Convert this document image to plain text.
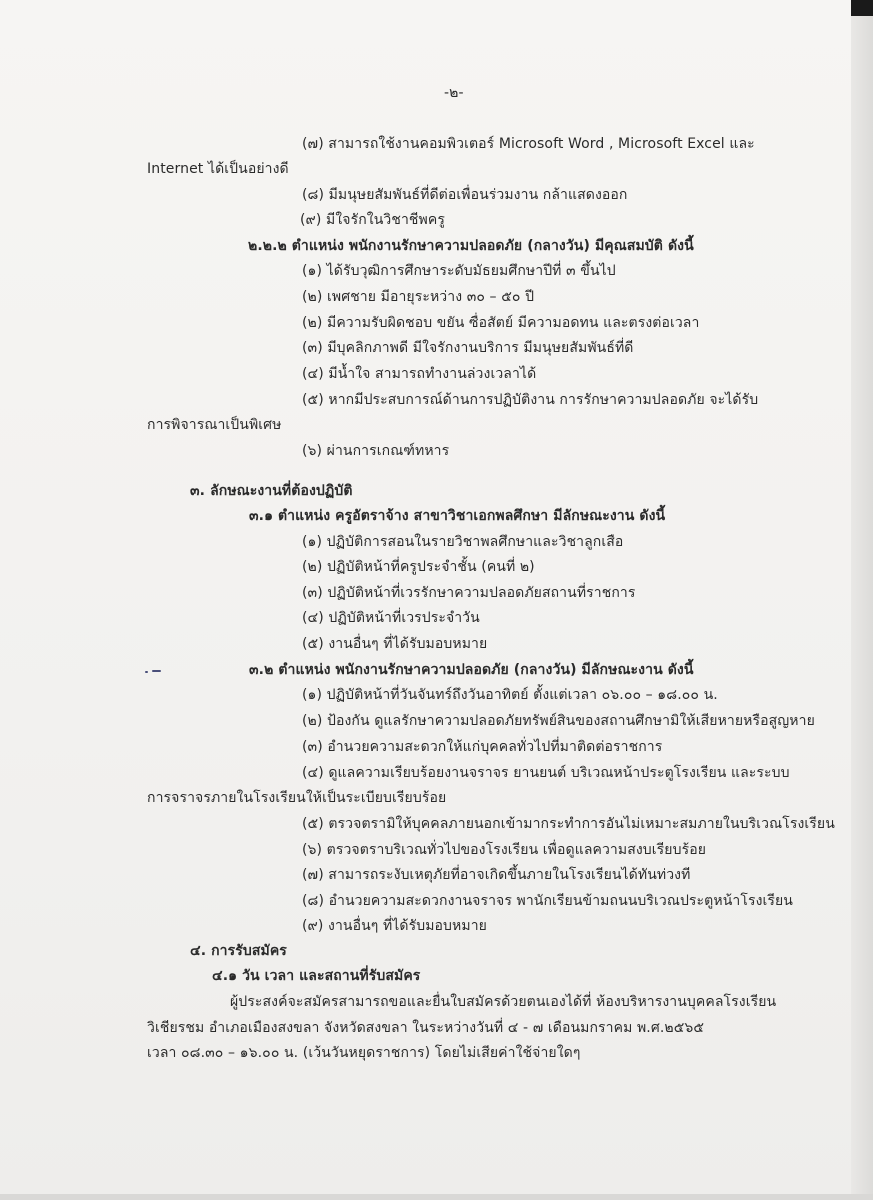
-๒-
(๗) สามารถใช้งานคอมพิวเตอร์ Microsoft Word , Microsoft Excel และ
Internet ได้เป็นอย่างดี
(๘) มีมนุษยสัมพันธ์ที่ดีต่อเพื่อนร่วมงาน กล้าแสดงออก
(๙) มีใจรักในวิชาชีพครู
๒.๒.๒ ตำแหน่ง พนักงานรักษาความปลอดภัย (กลางวัน) มีคุณสมบัติ ดังนี้
(๑) ได้รับวุฒิการศึกษาระดับมัธยมศึกษาปีที่ ๓ ขึ้นไป
(๒) เพศชาย มีอายุระหว่าง ๓๐ – ๕๐ ปี
(๒) มีความรับผิดชอบ ขยัน ซื่อสัตย์ มีความอดทน และตรงต่อเวลา
(๓) มีบุคลิกภาพดี มีใจรักงานบริการ มีมนุษยสัมพันธ์ที่ดี
(๔) มีน้ำใจ สามารถทำงานล่วงเวลาได้
(๕) หากมีประสบการณ์ด้านการปฏิบัติงาน การรักษาความปลอดภัย จะได้รับ
การพิจารณาเป็นพิเศษ
(๖) ผ่านการเกณฑ์ทหาร
๓. ลักษณะงานที่ต้องปฏิบัติ
๓.๑ ตำแหน่ง ครูอัตราจ้าง สาขาวิชาเอกพลศึกษา มีลักษณะงาน ดังนี้
(๑) ปฏิบัติการสอนในรายวิชาพลศึกษาและวิชาลูกเสือ
(๒) ปฏิบัติหน้าที่ครูประจำชั้น (คนที่ ๒)
(๓) ปฏิบัติหน้าที่เวรรักษาความปลอดภัยสถานที่ราชการ
(๔) ปฏิบัติหน้าที่เวรประจำวัน
(๕) งานอื่นๆ ที่ได้รับมอบหมาย
๓.๒ ตำแหน่ง พนักงานรักษาความปลอดภัย (กลางวัน) มีลักษณะงาน ดังนี้
(๑) ปฏิบัติหน้าที่วันจันทร์ถึงวันอาทิตย์ ตั้งแต่เวลา ๐๖.๐๐ – ๑๘.๐๐ น.
(๒) ป้องกัน ดูแลรักษาความปลอดภัยทรัพย์สินของสถานศึกษามิให้เสียหายหรือสูญหาย
(๓) อำนวยความสะดวกให้แก่บุคคลทั่วไปที่มาติดต่อราชการ
(๔) ดูแลความเรียบร้อยงานจราจร ยานยนต์ บริเวณหน้าประตูโรงเรียน และระบบ
การจราจรภายในโรงเรียนให้เป็นระเบียบเรียบร้อย
(๕) ตรวจตรามิให้บุคคลภายนอกเข้ามากระทำการอันไม่เหมาะสมภายในบริเวณโรงเรียน
(๖) ตรวจตราบริเวณทั่วไปของโรงเรียน เพื่อดูแลความสงบเรียบร้อย
(๗) สามารถระงับเหตุภัยที่อาจเกิดขึ้นภายในโรงเรียนได้ทันท่วงที
(๘) อำนวยความสะดวกงานจราจร พานักเรียนข้ามถนนบริเวณประตูหน้าโรงเรียน
(๙) งานอื่นๆ ที่ได้รับมอบหมาย
๔. การรับสมัคร
๔.๑ วัน เวลา และสถานที่รับสมัคร
ผู้ประสงค์จะสมัครสามารถขอและยื่นใบสมัครด้วยตนเองได้ที่ ห้องบริหารงานบุคคลโรงเรียน
วิเชียรชม อำเภอเมืองสงขลา จังหวัดสงขลา ในระหว่างวันที่ ๔ - ๗ เดือนมกราคม พ.ศ.๒๕๖๕
เวลา ๐๘.๓๐ – ๑๖.๐๐ น. (เว้นวันหยุดราชการ) โดยไม่เสียค่าใช้จ่ายใดๆ
